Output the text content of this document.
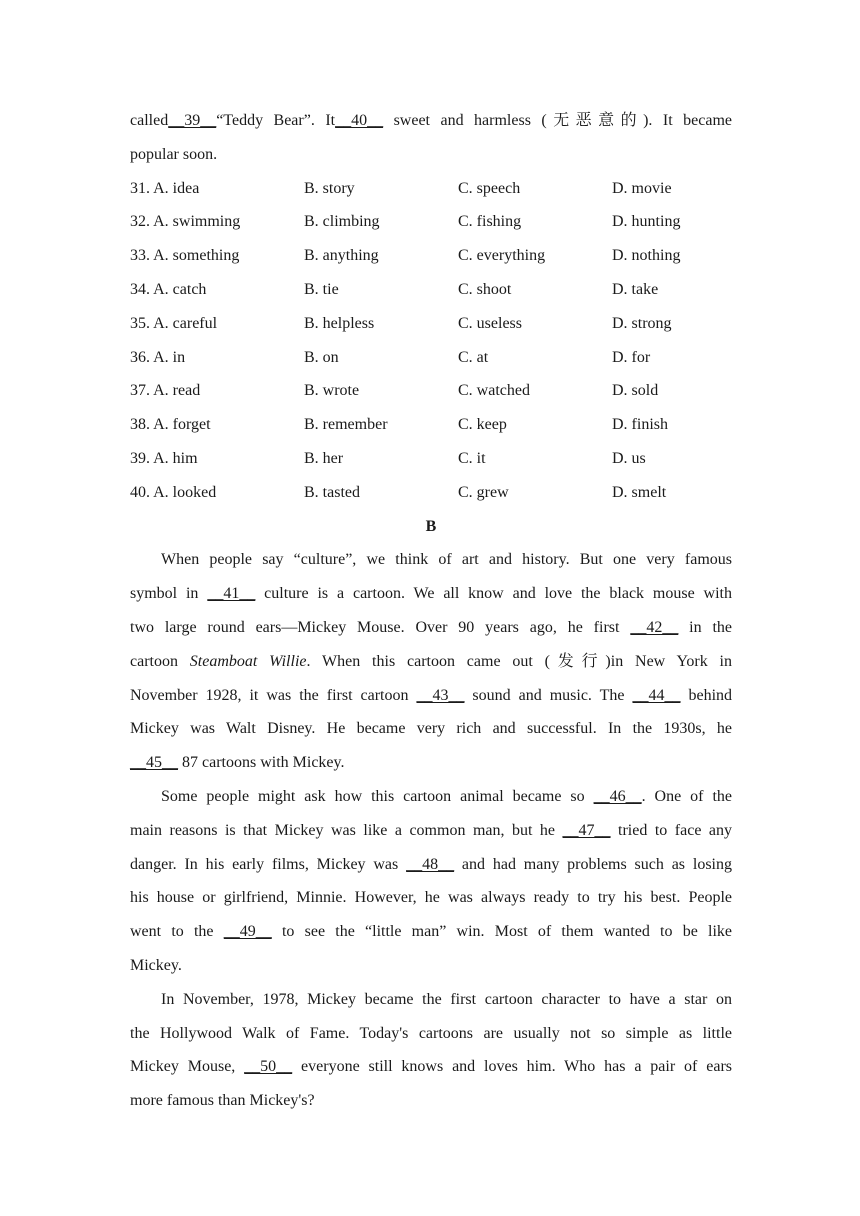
called__39__“Teddy Bear”. It__40__ sweet and harmless (无恶意的). It became
popular soon.
31. A. idea	B. story	C. speech	D. movie
32. A. swimming	B. climbing	C. fishing	D. hunting
33. A. something	B. anything	C. everything	D. nothing
34. A. catch	B. tie	C. shoot	D. take
35. A. careful	B. helpless	C. useless	D. strong
36. A. in	B. on	C. at	D. for
37. A. read	B. wrote	C. watched	D. sold
38. A. forget	B. remember	C. keep	D. finish
39. A. him	B. her	C. it	D. us
40. A. looked	B. tasted	C. grew	D. smelt
B
When people say “culture”, we think of art and history. But one very famous
symbol in __41__ culture is a cartoon. We all know and love the black mouse with
two large round ears—Mickey Mouse. Over 90 years ago, he first __42__ in the
cartoon Steamboat Willie. When this cartoon came out (发行)in New York in
November 1928, it was the first cartoon __43__ sound and music. The __44__ behind
Mickey was Walt Disney. He became very rich and successful. In the 1930s, he
__45__ 87 cartoons with Mickey.
Some people might ask how this cartoon animal became so __46__. One of the
main reasons is that Mickey was like a common man, but he __47__ tried to face any
danger. In his early films, Mickey was __48__ and had many problems such as losing
his house or girlfriend, Minnie. However, he was always ready to try his best. People
went to the __49__ to see the “little man” win. Most of them wanted to be like
Mickey.
In November, 1978, Mickey became the first cartoon character to have a star on
the Hollywood Walk of Fame. Today's cartoons are usually not so simple as little
Mickey Mouse, __50__ everyone still knows and loves him. Who has a pair of ears
more famous than Mickey's?
